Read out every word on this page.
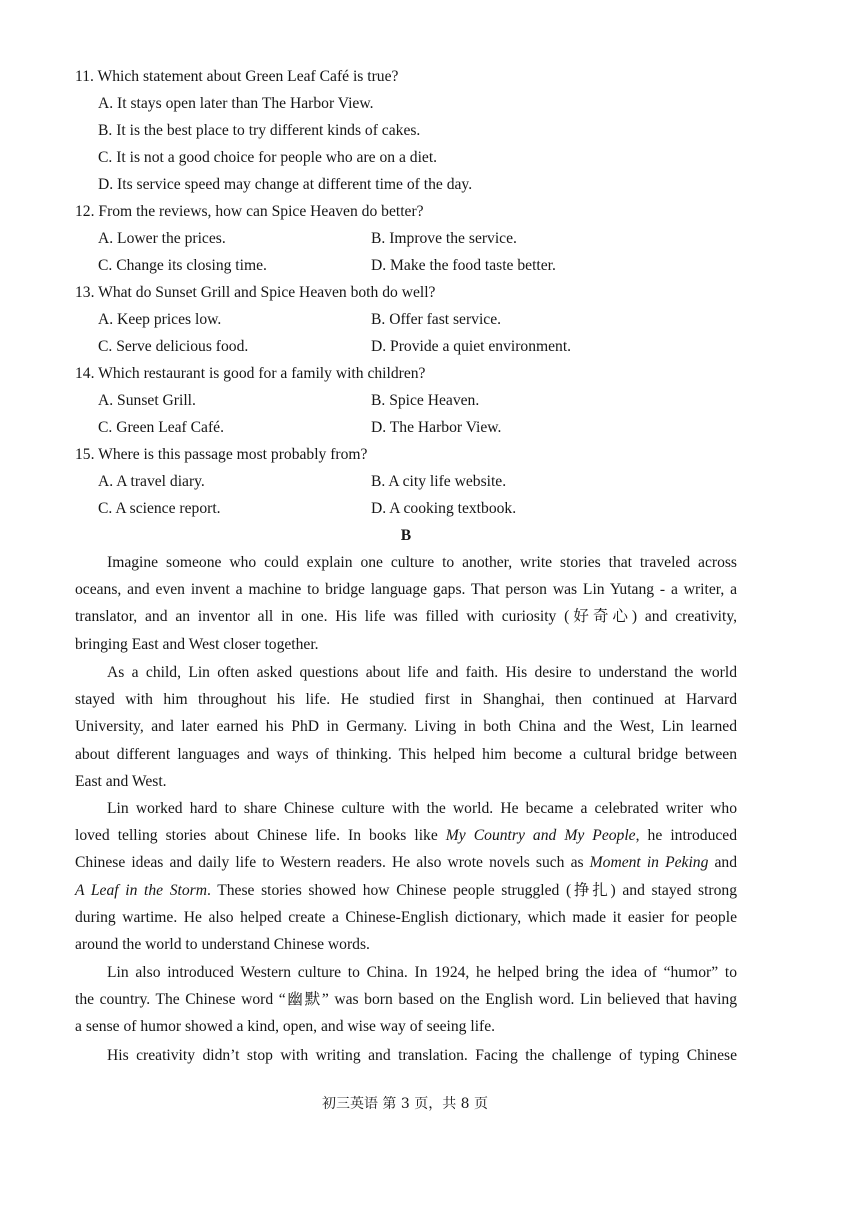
11. Which statement about Green Leaf Café is true?
A. It stays open later than The Harbor View.
B. It is the best place to try different kinds of cakes.
C. It is not a good choice for people who are on a diet.
D. Its service speed may change at different time of the day.
12. From the reviews, how can Spice Heaven do better?
A. Lower the prices.	B. Improve the service.
C. Change its closing time.	D. Make the food taste better.
13. What do Sunset Grill and Spice Heaven both do well?
A. Keep prices low.	B. Offer fast service.
C. Serve delicious food.	D. Provide a quiet environment.
14. Which restaurant is good for a family with children?
A. Sunset Grill.	B. Spice Heaven.
C. Green Leaf Café.	D. The Harbor View.
15. Where is this passage most probably from?
A. A travel diary.	B. A city life website.
C. A science report.	D. A cooking textbook.
B
Imagine someone who could explain one culture to another, write stories that traveled across
oceans, and even invent a machine to bridge language gaps. That person was Lin Yutang - a writer, a
translator, and an inventor all in one. His life was filled with curiosity (好奇心) and creativity,
bringing East and West closer together.
As a child, Lin often asked questions about life and faith. His desire to understand the world
stayed with him throughout his life. He studied first in Shanghai, then continued at Harvard
University, and later earned his PhD in Germany. Living in both China and the West, Lin learned
about different languages and ways of thinking. This helped him become a cultural bridge between
East and West.
Lin worked hard to share Chinese culture with the world. He became a celebrated writer who
loved telling stories about Chinese life. In books like My Country and My People, he introduced
Chinese ideas and daily life to Western readers. He also wrote novels such as Moment in Peking and
A Leaf in the Storm. These stories showed how Chinese people struggled (挣扎) and stayed strong
during wartime. He also helped create a Chinese-English dictionary, which made it easier for people
around the world to understand Chinese words.
Lin also introduced Western culture to China. In 1924, he helped bring the idea of “humor” to
the country. The Chinese word “幽默” was born based on the English word. Lin believed that having
a sense of humor showed a kind, open, and wise way of seeing life.
His creativity didn’t stop with writing and translation. Facing the challenge of typing Chinese
初三英语 第 3 页，共 8 页
